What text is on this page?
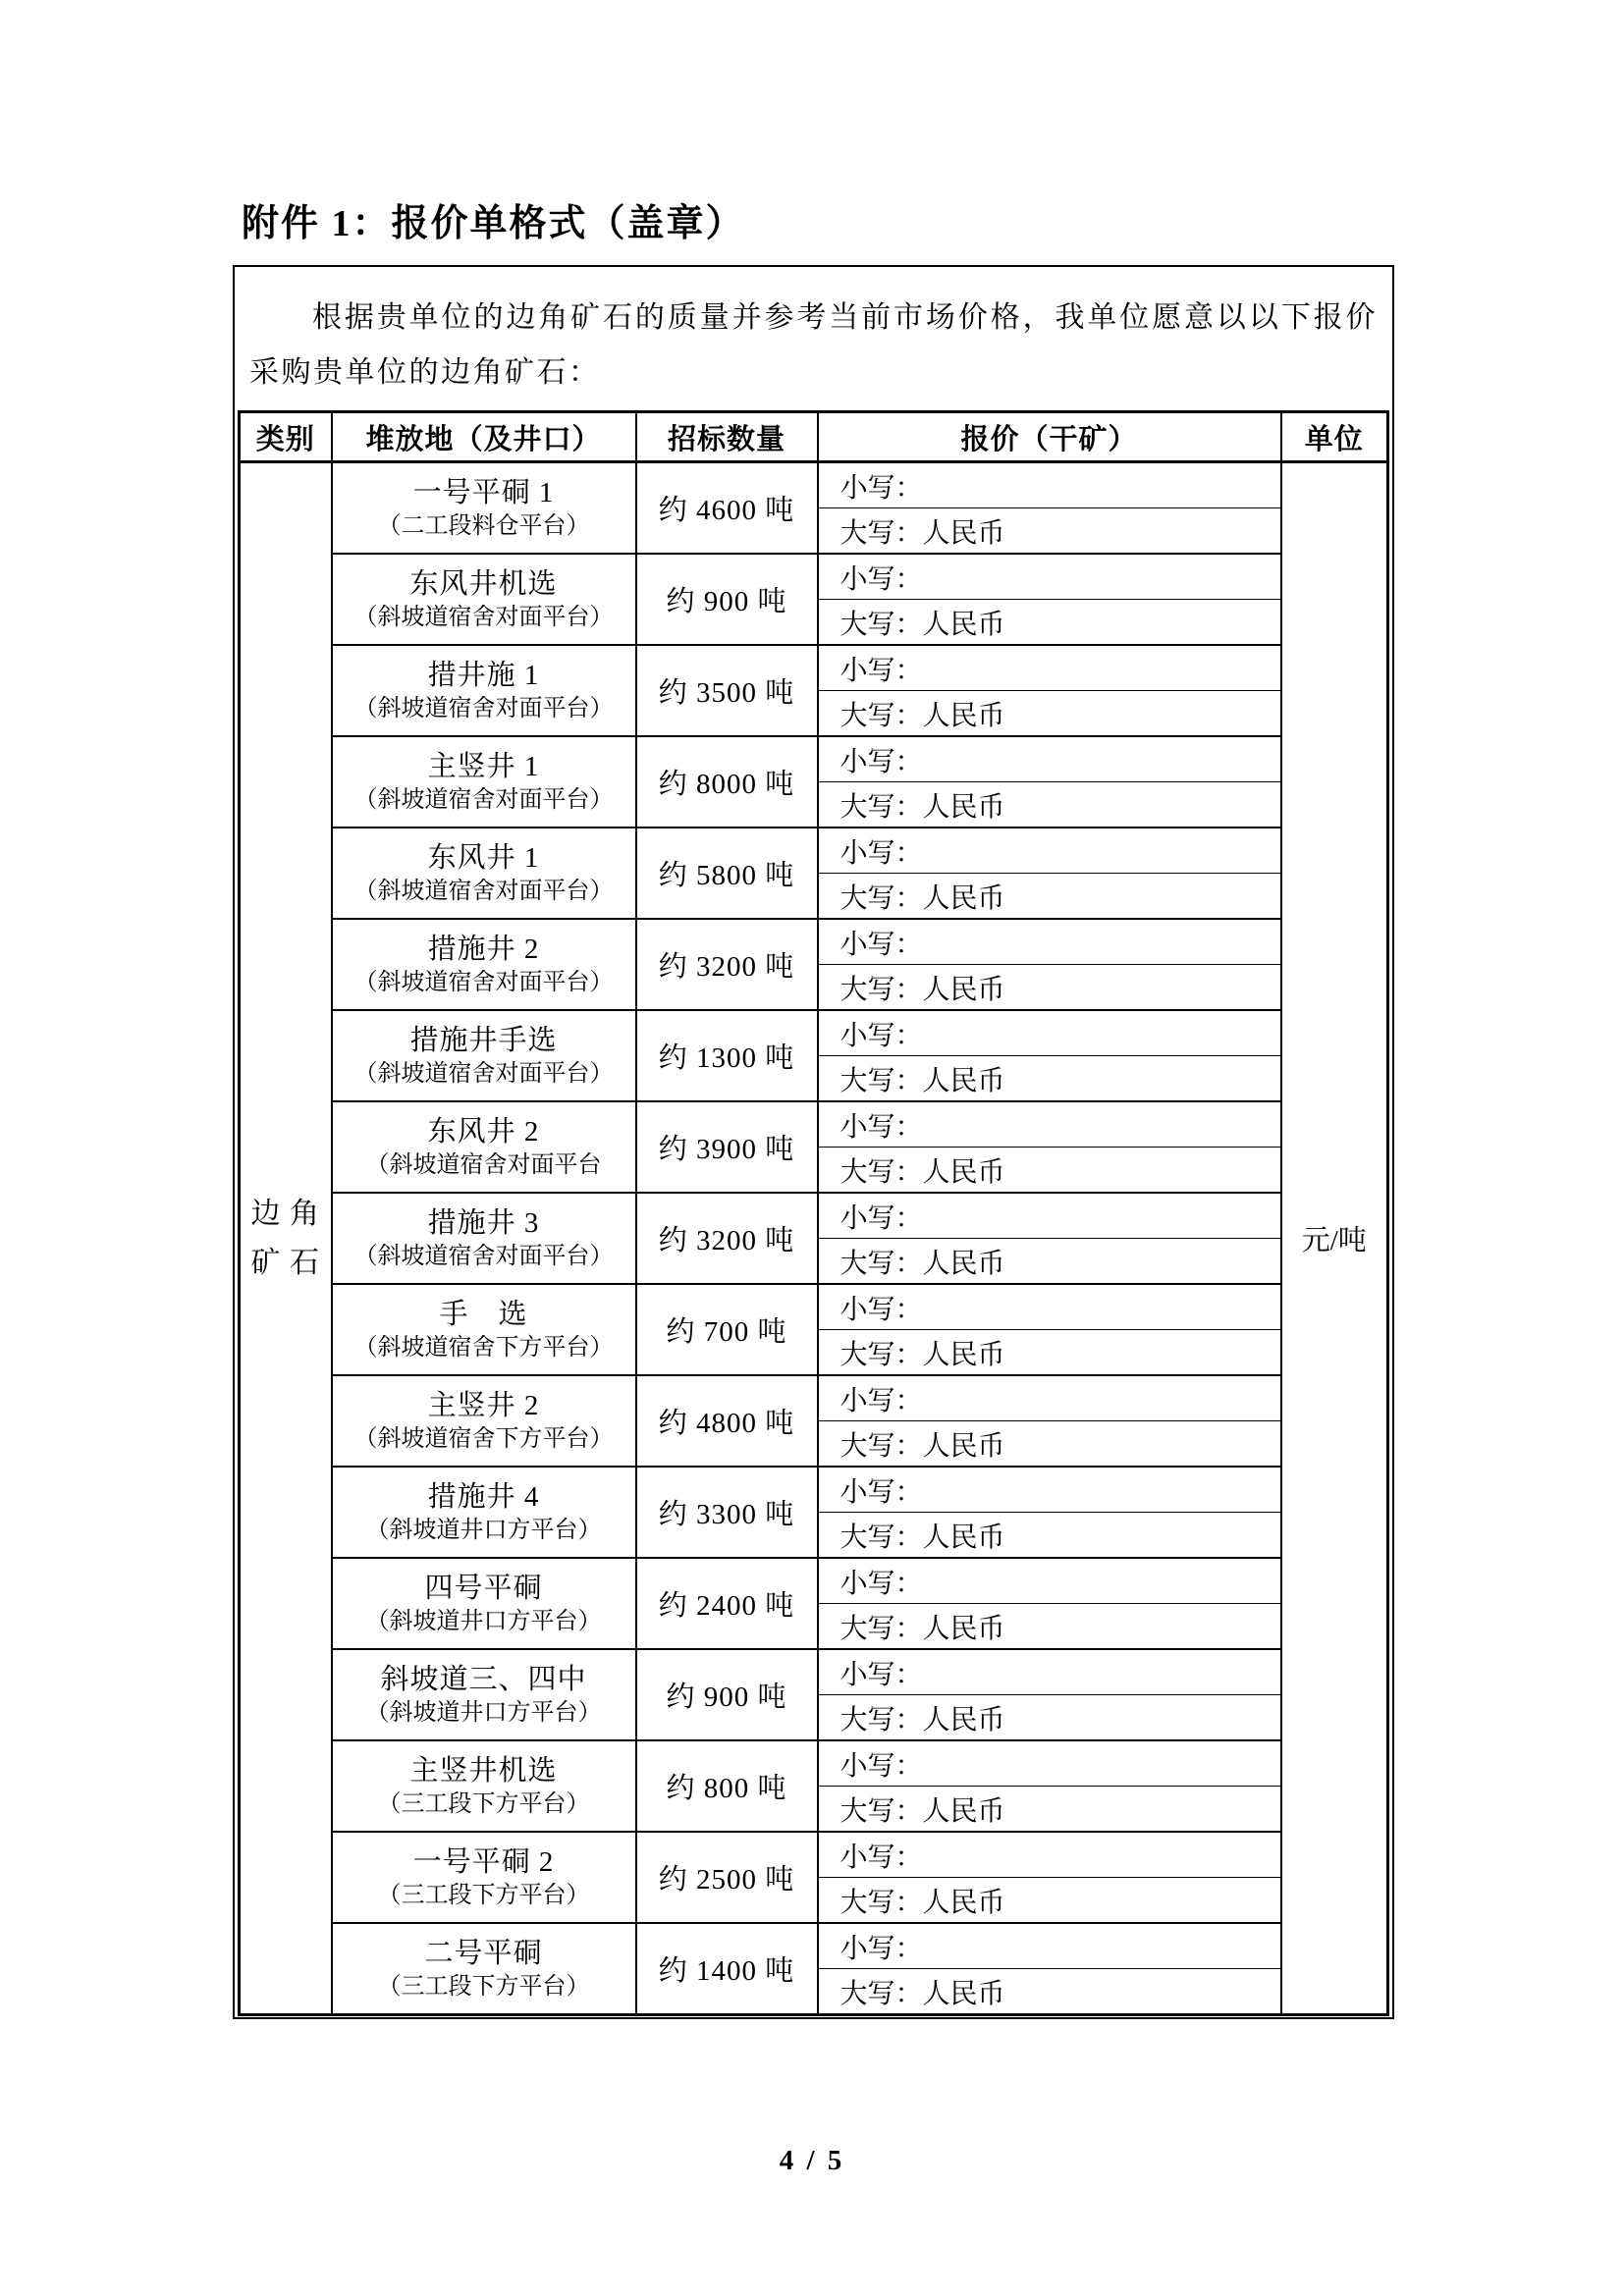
附件 1：报价单格式（盖章）

根据贵单位的边角矿石的质量并参考当前市场价格，我单位愿意以以下报价采购贵单位的边角矿石：

类别	堆放地（及井口）	招标数量	报价（干矿）	单位

边 角
矿 石

一号平硐 1
（二工段料仓平台）	约 4600 吨	小写：	元/吨
			大写：人民币	

	东风井机选
（斜坡道宿舍对面平台）	约 900 吨	小写：	
			大写：人民币	

	措井施 1
（斜坡道宿舍对面平台）	约 3500 吨	小写：	
			大写：人民币	

	主竖井 1
（斜坡道宿舍对面平台）	约 8000 吨	小写：	
			大写：人民币	

	东风井 1
（斜坡道宿舍对面平台）	约 5800 吨	小写：	
			大写：人民币	

	措施井 2
（斜坡道宿舍对面平台）	约 3200 吨	小写：	
			大写：人民币	

	措施井手选
（斜坡道宿舍对面平台）	约 1300 吨	小写：	
			大写：人民币	

	东风井 2
（斜坡道宿舍对面平台	约 3900 吨	小写：	
			大写：人民币	

	措施井 3
（斜坡道宿舍对面平台）	约 3200 吨	小写：	
			大写：人民币	

	手　选
（斜坡道宿舍下方平台）	约 700 吨	小写：	
			大写：人民币	

	主竖井 2
（斜坡道宿舍下方平台）	约 4800 吨	小写：	
			大写：人民币	

	措施井 4
（斜坡道井口方平台）	约 3300 吨	小写：	
			大写：人民币	

	四号平硐
（斜坡道井口方平台）	约 2400 吨	小写：	
			大写：人民币	

	斜坡道三、四中
（斜坡道井口方平台）	约 900 吨	小写：	
			大写：人民币	

	主竖井机选
（三工段下方平台）	约 800 吨	小写：	
			大写：人民币	

	一号平硐 2
（三工段下方平台）	约 2500 吨	小写：	
			大写：人民币	

	二号平硐
（三工段下方平台）	约 1400 吨	小写：	
			大写：人民币	
4 / 5
